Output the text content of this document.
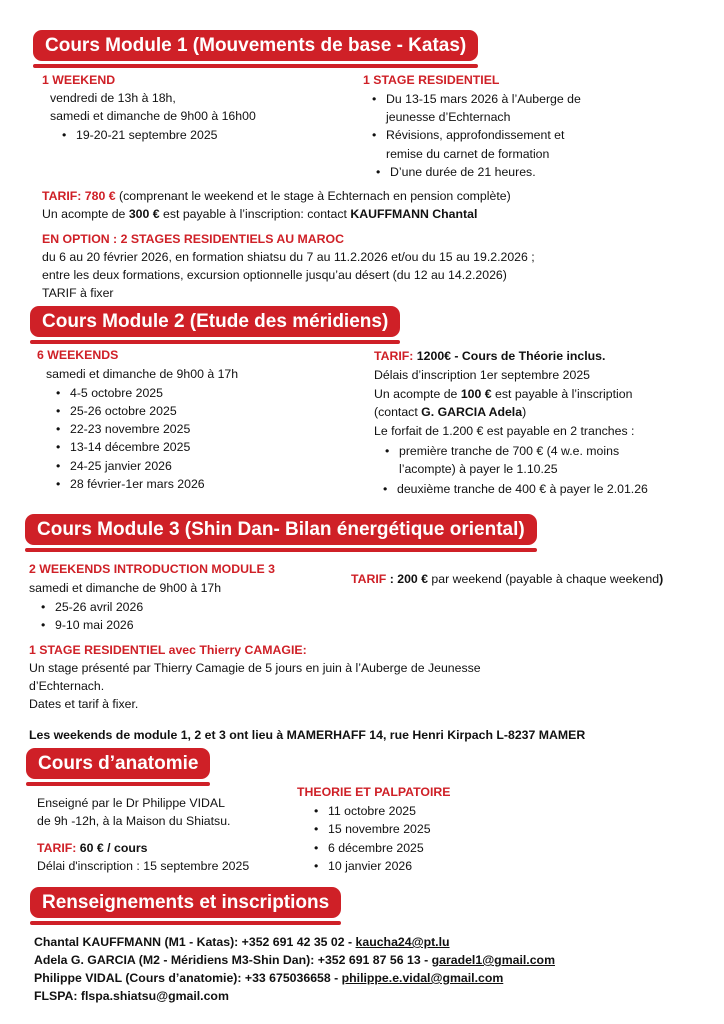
Cours Module 1 (Mouvements de base - Katas)
1 WEEKEND
vendredi de 13h à 18h,
samedi et dimanche de 9h00 à 16h00
• 19-20-21 septembre 2025
1 STAGE RESIDENTIEL
• Du 13-15 mars 2026 à l’Auberge de
jeunesse d’Echternach
• Révisions, approfondissement et
remise du carnet de formation
• D’une durée de 21 heures.
TARIF: 780 € (comprenant le weekend et le stage à Echternach en pension complète)
Un acompte de 300 € est payable à l’inscription: contact KAUFFMANN Chantal
EN OPTION : 2 STAGES RESIDENTIELS AU MAROC
du 6 au 20 février 2026, en formation shiatsu du 7 au 11.2.2026 et/ou du 15 au 19.2.2026 ;
entre les deux formations, excursion optionnelle jusqu’au désert (du 12 au 14.2.2026)
TARIF à fixer
Cours Module 2 (Etude des méridiens)
6 WEEKENDS
samedi et dimanche de 9h00 à 17h
• 4-5 octobre 2025
• 25-26 octobre 2025
• 22-23 novembre 2025
• 13-14 décembre 2025
• 24-25 janvier 2026
• 28 février-1er mars 2026
TARIF: 1200€ - Cours de Théorie inclus.
Délais d’inscription 1er septembre 2025
Un acompte de 100 € est payable à l’inscription
(contact G. GARCIA Adela)
Le forfait de 1.200 € est payable en 2 tranches :
• première tranche de 700 € (4 w.e. moins
l’acompte) à payer le 1.10.25
• deuxième tranche de 400 € à payer le 2.01.26
Cours Module 3 (Shin Dan- Bilan énergétique oriental)
2 WEEKENDS INTRODUCTION MODULE 3
samedi et dimanche de 9h00 à 17h
• 25-26 avril 2026
• 9-10 mai 2026
TARIF : 200 € par weekend (payable à chaque weekend)
1 STAGE RESIDENTIEL avec Thierry CAMAGIE:
Un stage présenté par Thierry Camagie de 5 jours en juin à l’Auberge de Jeunesse
d’Echternach.
Dates et tarif à fixer.
Les weekends de module 1, 2 et 3 ont lieu à MAMERHAFF 14, rue Henri Kirpach L-8237 MAMER
Cours d’anatomie
Enseigné par le Dr Philippe VIDAL
de 9h -12h, à la Maison du Shiatsu.
TARIF: 60 € / cours
Délai d'inscription : 15 septembre 2025
THEORIE ET PALPATOIRE
• 11 octobre 2025
• 15 novembre 2025
• 6 décembre 2025
• 10 janvier 2026
Renseignements et inscriptions
Chantal KAUFFMANN (M1 - Katas): +352 691 42 35 02 - kaucha24@pt.lu
Adela G. GARCIA (M2 - Méridiens M3-Shin Dan): +352 691 87 56 13 - garadel1@gmail.com
Philippe VIDAL (Cours d’anatomie): +33 675036658 - philippe.e.vidal@gmail.com
FLSPA: flspa.shiatsu@gmail.com
